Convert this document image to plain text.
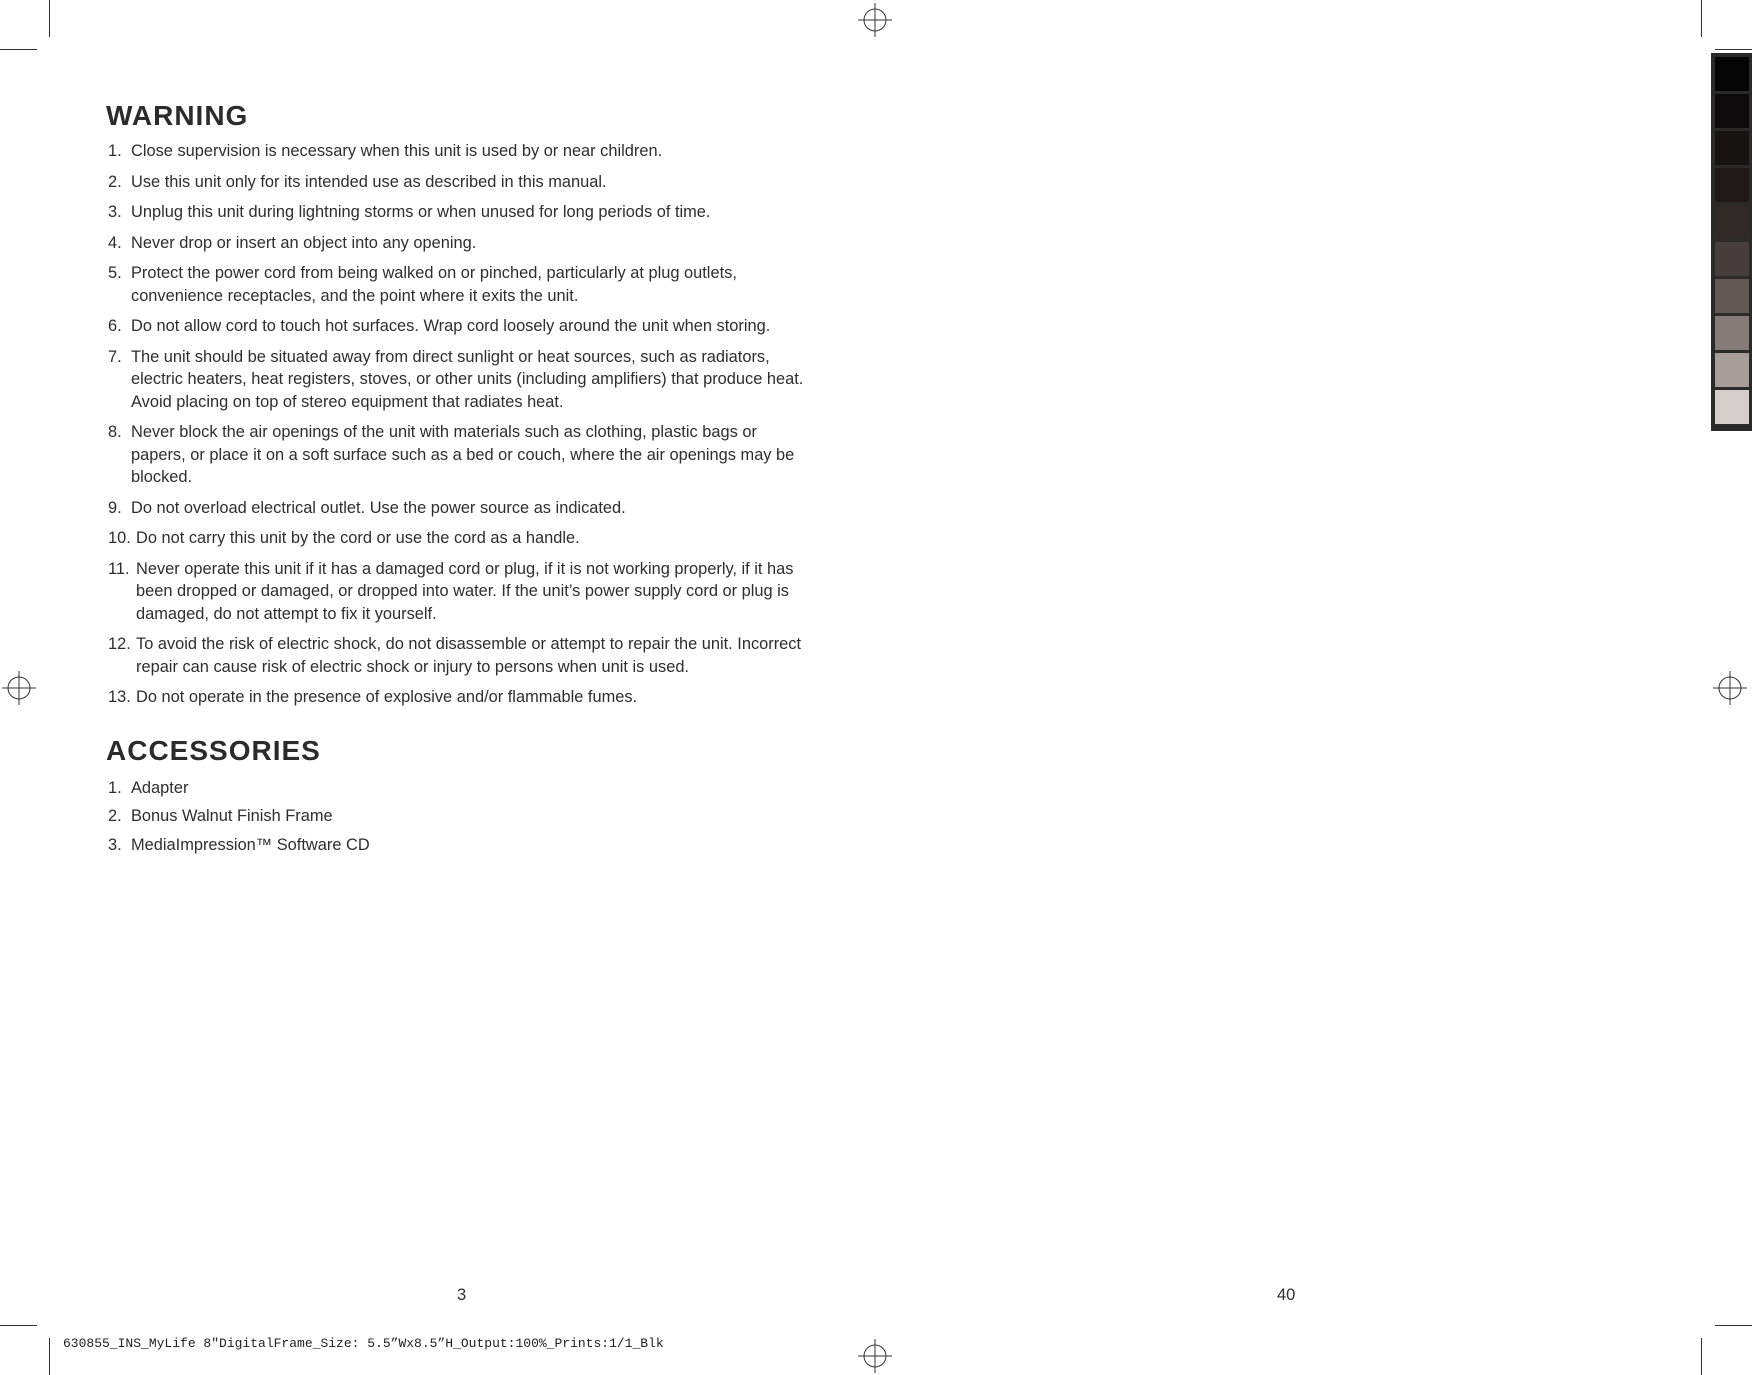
WARNING
1. Close supervision is necessary when this unit is used by or near children.
2. Use this unit only for its intended use as described in this manual.
3. Unplug this unit during lightning storms or when unused for long periods of time.
4. Never drop or insert an object into any opening.
5. Protect the power cord from being walked on or pinched, particularly at plug outlets, convenience receptacles, and the point where it exits the unit.
6. Do not allow cord to touch hot surfaces. Wrap cord loosely around the unit when storing.
7. The unit should be situated away from direct sunlight or heat sources, such as radiators, electric heaters, heat registers, stoves, or other units (including amplifiers) that produce heat. Avoid placing on top of stereo equipment that radiates heat.
8. Never block the air openings of the unit with materials such as clothing, plastic bags or papers, or place it on a soft surface such as a bed or couch, where the air openings may be blocked.
9. Do not overload electrical outlet. Use the power source as indicated.
10. Do not carry this unit by the cord or use the cord as a handle.
11. Never operate this unit if it has a damaged cord or plug, if it is not working properly, if it has been dropped or damaged, or dropped into water. If the unit’s power supply cord or plug is damaged, do not attempt to fix it yourself.
12. To avoid the risk of electric shock, do not disassemble or attempt to repair the unit. Incorrect repair can cause risk of electric shock or injury to persons when unit is used.
13. Do not operate in the presence of explosive and/or flammable fumes.
ACCESSORIES
1. Adapter
2. Bonus Walnut Finish Frame
3. MediaImpression™ Software CD
3	40
630855_INS_MyLife 8"DigitalFrame_Size: 5.5”Wx8.5”H_Output:100%_Prints:1/1_Blk
